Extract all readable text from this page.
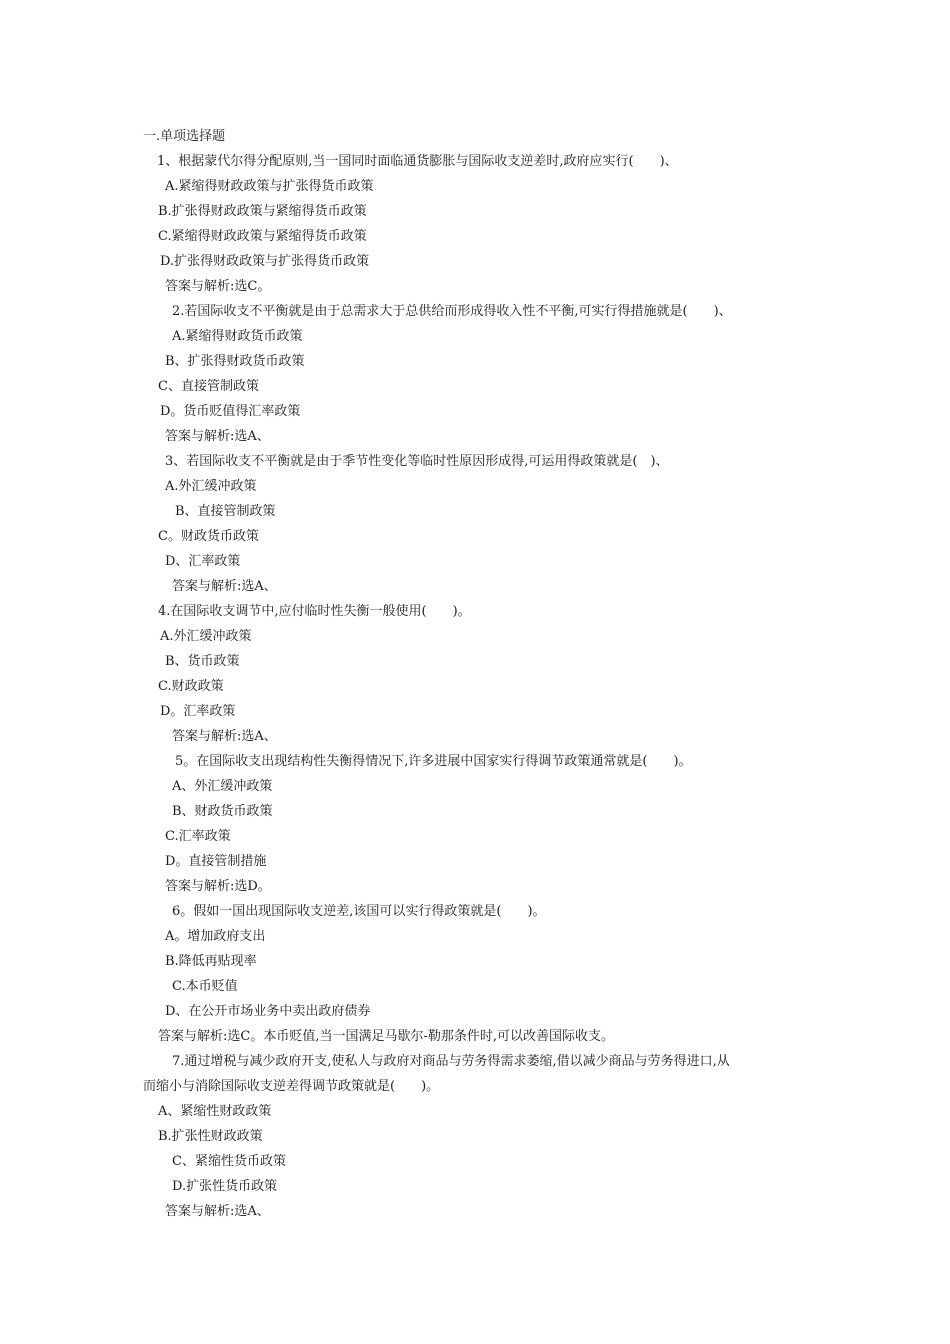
一.单项选择题
1、根据蒙代尔得分配原则,当一国同时面临通货膨胀与国际收支逆差时,政府应实行(　　)、
A.紧缩得财政政策与扩张得货币政策
B.扩张得财政政策与紧缩得货币政策
C.紧缩得财政政策与紧缩得货币政策
D.扩张得财政政策与扩张得货币政策
答案与解析:选C。
2.若国际收支不平衡就是由于总需求大于总供给而形成得收入性不平衡,可实行得措施就是(　　)、
A.紧缩得财政货币政策
B、扩张得财政货币政策
C、直接管制政策
D。货币贬值得汇率政策
答案与解析:选A、
3、若国际收支不平衡就是由于季节性变化等临时性原因形成得,可运用得政策就是(　)、
A.外汇缓冲政策
B、直接管制政策
C。财政货币政策
D、汇率政策
答案与解析:选A、
4.在国际收支调节中,应付临时性失衡一般使用(　　)。
A.外汇缓冲政策
B、货币政策
C.财政政策
D。汇率政策
答案与解析:选A、
5。在国际收支出现结构性失衡得情况下,许多进展中国家实行得调节政策通常就是(　　)。
A、外汇缓冲政策
B、财政货币政策
C.汇率政策
D。直接管制措施
答案与解析:选D。
6。假如一国出现国际收支逆差,该国可以实行得政策就是(　　)。
A。增加政府支出
B.降低再贴现率
C.本币贬值
D、在公开市场业务中卖出政府债券
答案与解析:选C。本币贬值,当一国满足马歇尔-勒那条件时,可以改善国际收支。
7.通过增税与减少政府开支,使私人与政府对商品与劳务得需求萎缩,借以减少商品与劳务得进口,从
而缩小与消除国际收支逆差得调节政策就是(　　)。
A、紧缩性财政政策
B.扩张性财政政策
C、紧缩性货币政策
D.扩张性货币政策
答案与解析:选A、
